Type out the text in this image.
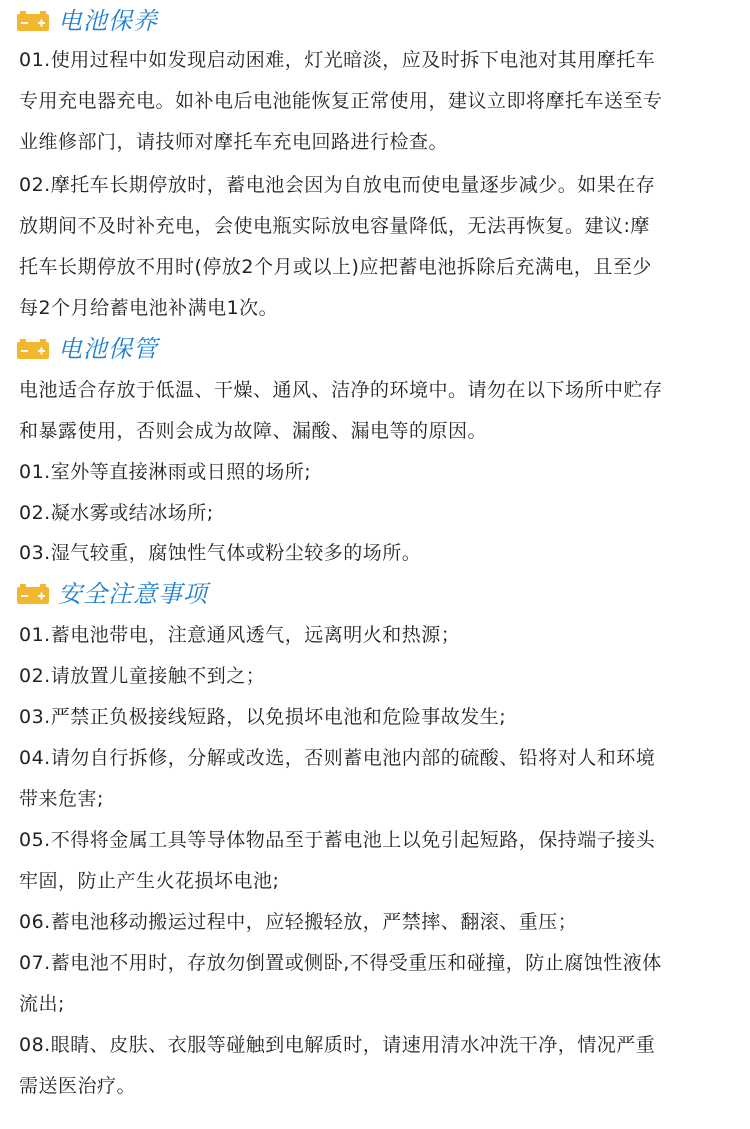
电池保养
01.使用过程中如发现启动困难，灯光暗淡，应及时拆下电池对其用摩托车
专用充电器充电。如补电后电池能恢复正常使用，建议立即将摩托车送至专
业维修部门，请技师对摩托车充电回路进行检查。
02.摩托车长期停放时，蓄电池会因为自放电而使电量逐步减少。如果在存
放期间不及时补充电，会使电瓶实际放电容量降低，无法再恢复。建议:摩
托车长期停放不用时(停放2个月或以上)应把蓄电池拆除后充满电，且至少
每2个月给蓄电池补满电1次。
电池保管
电池适合存放于低温、干燥、通风、洁净的环境中。请勿在以下场所中贮存
和暴露使用，否则会成为故障、漏酸、漏电等的原因。
01.室外等直接淋雨或日照的场所;
02.凝水雾或结冰场所;
03.湿气较重，腐蚀性气体或粉尘较多的场所。
安全注意事项
01.蓄电池带电，注意通风透气，远离明火和热源；
02.请放置儿童接触不到之；
03.严禁正负极接线短路，以免损坏电池和危险事故发生;
04.请勿自行拆修，分解或改选，否则蓄电池内部的硫酸、铅将对人和环境
带来危害;
05.不得将金属工具等导体物品至于蓄电池上以免引起短路，保持端子接头
牢固，防止产生火花损坏电池;
06.蓄电池移动搬运过程中，应轻搬轻放，严禁摔、翻滚、重压；
07.蓄电池不用时，存放勿倒置或侧卧,不得受重压和碰撞，防止腐蚀性液体
流出;
08.眼睛、皮肤、衣服等碰触到电解质时，请速用清水冲洗干净，情况严重
需送医治疗。
